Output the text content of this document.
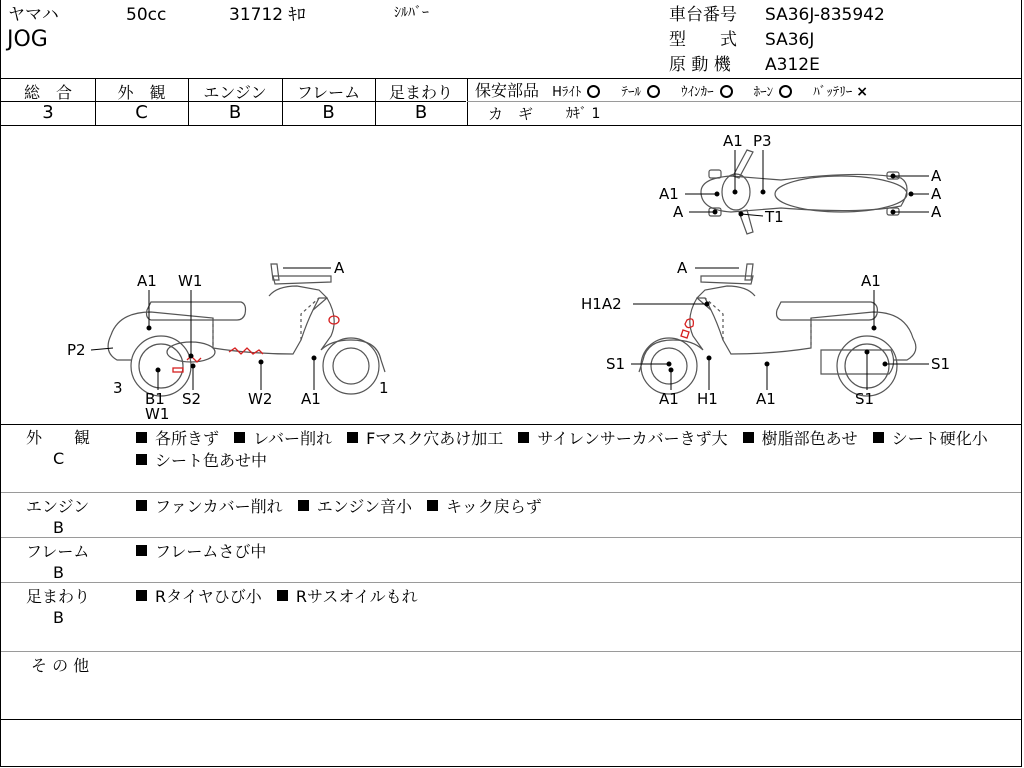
ヤマハ	50cc	31712 ｷﾛ	ｼﾙﾊﾞｰ
JOG
車台番号 SA36J-835942
型　　式 SA36J
原 動 機 A312E
総　合	外　観	エンジン	フレーム	足まわり
3	C	B	B	B
保安部品 Hﾗｲﾄ	ﾃｰﾙ	ｳｲﾝｶｰ	ﾎｰﾝ	ﾊﾞｯﾃﾘｰ ×
カ　ギ ｶｷﾞ 1
A1 W1
A
P2
3
B1
W1
S2	W2 A1
1
A1 P3
A1
A	T1
A
A
A
A
A1
H1A2
S1
A1 H1	A1	S1
S1
外　　観
C
各所きず レバー削れ Fマスク穴あけ加工 サイレンサーカバーきず大 樹脂部色あせ シート硬化小 シート色あせ中
エンジン
B
ファンカバー削れ エンジン音小 キック戻らず
フレーム
B
フレームさび中
足まわり
B
Rタイヤひび小 Rサスオイルもれ
そ の 他
